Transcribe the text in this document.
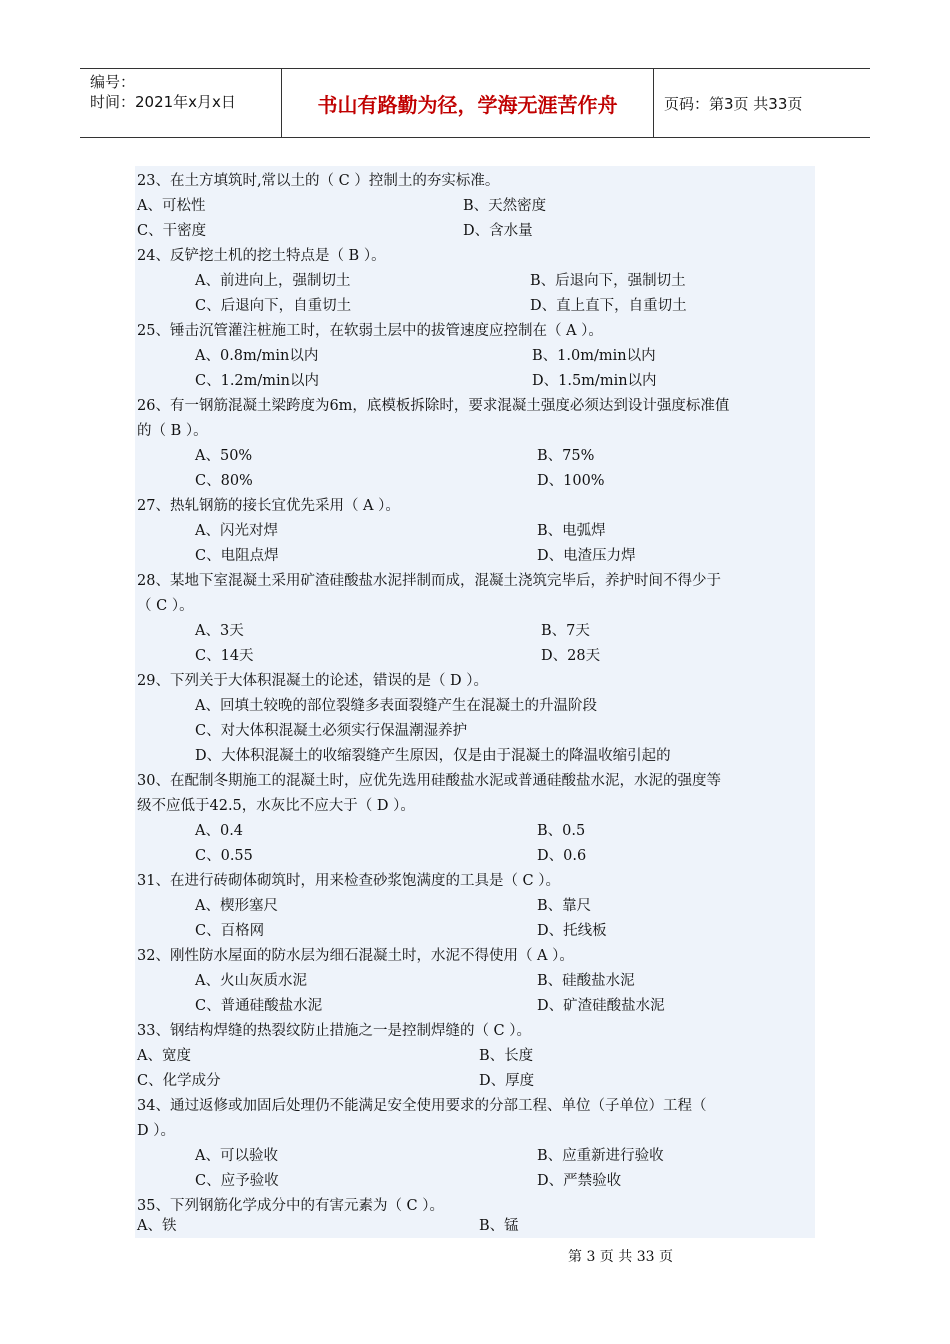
编号：
时间：2021年x月x日	书山有路勤为径，学海无涯苦作舟	页码：第3页 共33页
23、在土方填筑时,常以土的（ C ）控制土的夯实标准。
A、可松性	B、天然密度
C、干密度	D、含水量
24、反铲挖土机的挖土特点是（ B ）。
A、前进向上，强制切土	B、后退向下，强制切土
C、后退向下，自重切土	D、直上直下，自重切土
25、锤击沉管灌注桩施工时，在软弱土层中的拔管速度应控制在（ A ）。
A、0.8m/min以内	B、1.0m/min以内
C、1.2m/min以内	D、1.5m/min以内
26、有一钢筋混凝土梁跨度为6m，底模板拆除时，要求混凝土强度必须达到设计强度标准值
的（ B ）。
A、50%	B、75%
C、80%	D、100%
27、热轧钢筋的接长宜优先采用（ A ）。
A、闪光对焊	B、电弧焊
C、电阻点焊	D、电渣压力焊
28、某地下室混凝土采用矿渣硅酸盐水泥拌制而成，混凝土浇筑完毕后，养护时间不得少于
（ C ）。
A、3天	B、7天
C、14天	D、28天
29、下列关于大体积混凝土的论述，错误的是（ D ）。
A、回填土较晚的部位裂缝多表面裂缝产生在混凝土的升温阶段
C、对大体积混凝土必须实行保温潮湿养护
D、大体积混凝土的收缩裂缝产生原因，仅是由于混凝土的降温收缩引起的
30、在配制冬期施工的混凝土时，应优先选用硅酸盐水泥或普通硅酸盐水泥，水泥的强度等
级不应低于42.5，水灰比不应大于（ D ）。
A、0.4	B、0.5
C、0.55	D、0.6
31、在进行砖砌体砌筑时，用来检查砂浆饱满度的工具是（ C ）。
A、楔形塞尺	B、靠尺
C、百格网	D、托线板
32、刚性防水屋面的防水层为细石混凝土时，水泥不得使用（ A ）。
A、火山灰质水泥	B、硅酸盐水泥
C、普通硅酸盐水泥	D、矿渣硅酸盐水泥
33、钢结构焊缝的热裂纹防止措施之一是控制焊缝的（ C ）。
A、宽度	B、长度
C、化学成分	D、厚度
34、通过返修或加固后处理仍不能满足安全使用要求的分部工程、单位（子单位）工程（
D ）。
A、可以验收	B、应重新进行验收
C、应予验收	D、严禁验收
35、下列钢筋化学成分中的有害元素为（ C ）。
A、铁	B、锰
第 3 页 共 33 页
